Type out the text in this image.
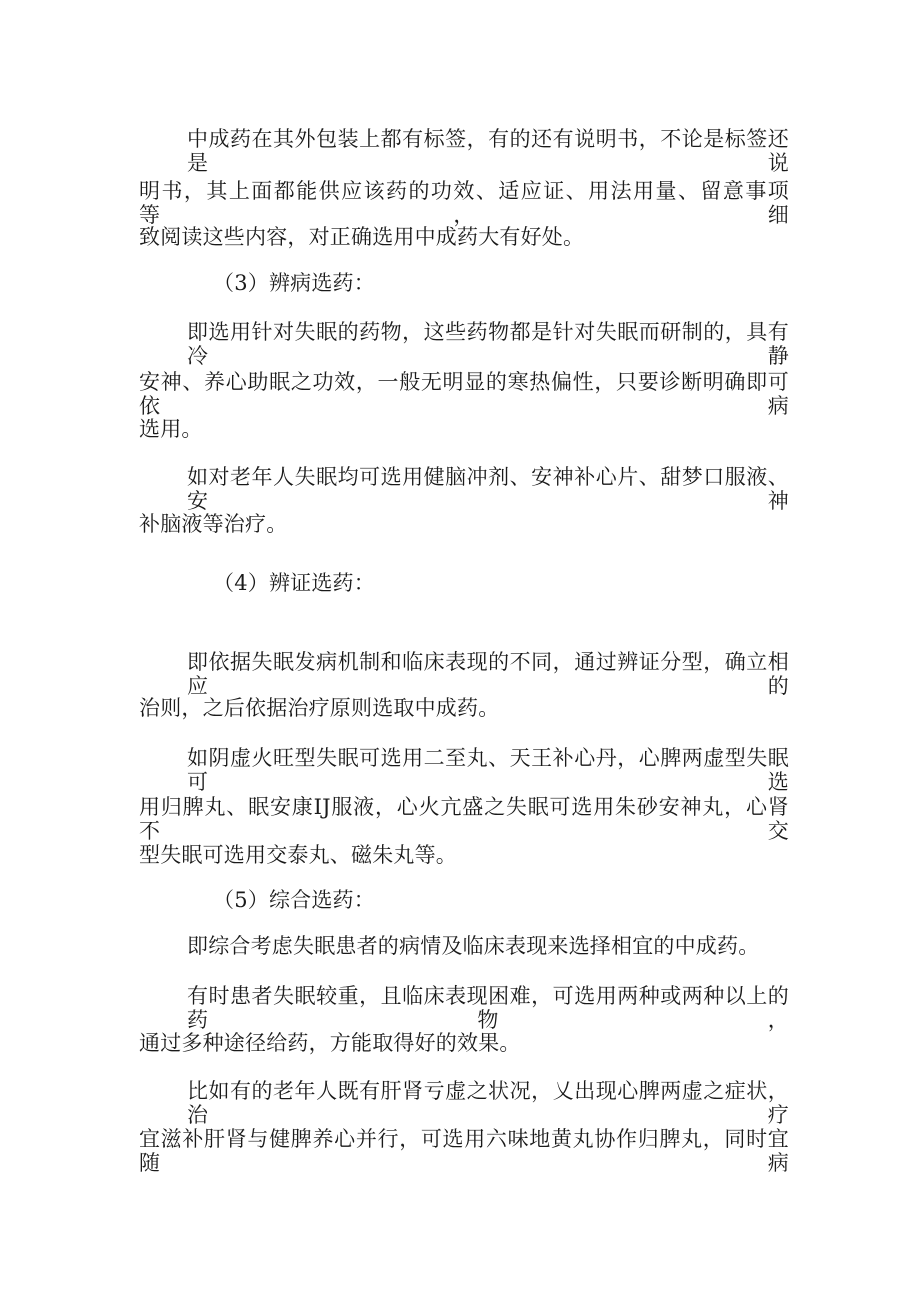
中成药在其外包装上都有标签，有的还有说明书，不论是标签还是说
明书，其上面都能供应该药的功效、适应证、用法用量、留意事项等，细
致阅读这些内容，对正确选用中成药大有好处。
（3）辨病选药：
即选用针对失眠的药物，这些药物都是针对失眠而研制的，具有冷静
安神、养心助眠之功效，一般无明显的寒热偏性，只要诊断明确即可依病
选用。
如对老年人失眠均可选用健脑冲剂、安神补心片、甜梦口服液、安神
补脑液等治疗。
（4）辨证选药：
即依据失眠发病机制和临床表现的不同，通过辨证分型，确立相应的
治则，之后依据治疗原则选取中成药。
如阴虚火旺型失眠可选用二至丸、天王补心丹，心脾两虚型失眠可选
用归脾丸、眠安康IJ服液，心火亢盛之失眠可选用朱砂安神丸，心肾不交
型失眠可选用交泰丸、磁朱丸等。
（5）综合选药：
即综合考虑失眠患者的病情及临床表现来选择相宜的中成药。
有时患者失眠较重，且临床表现困难，可选用两种或两种以上的药物，
通过多种途径给药，方能取得好的效果。
比如有的老年人既有肝肾亏虚之状况，乂出现心脾两虚之症状，治疗
宜滋补肝肾与健脾养心并行，可选用六味地黄丸协作归脾丸，同时宜随病
